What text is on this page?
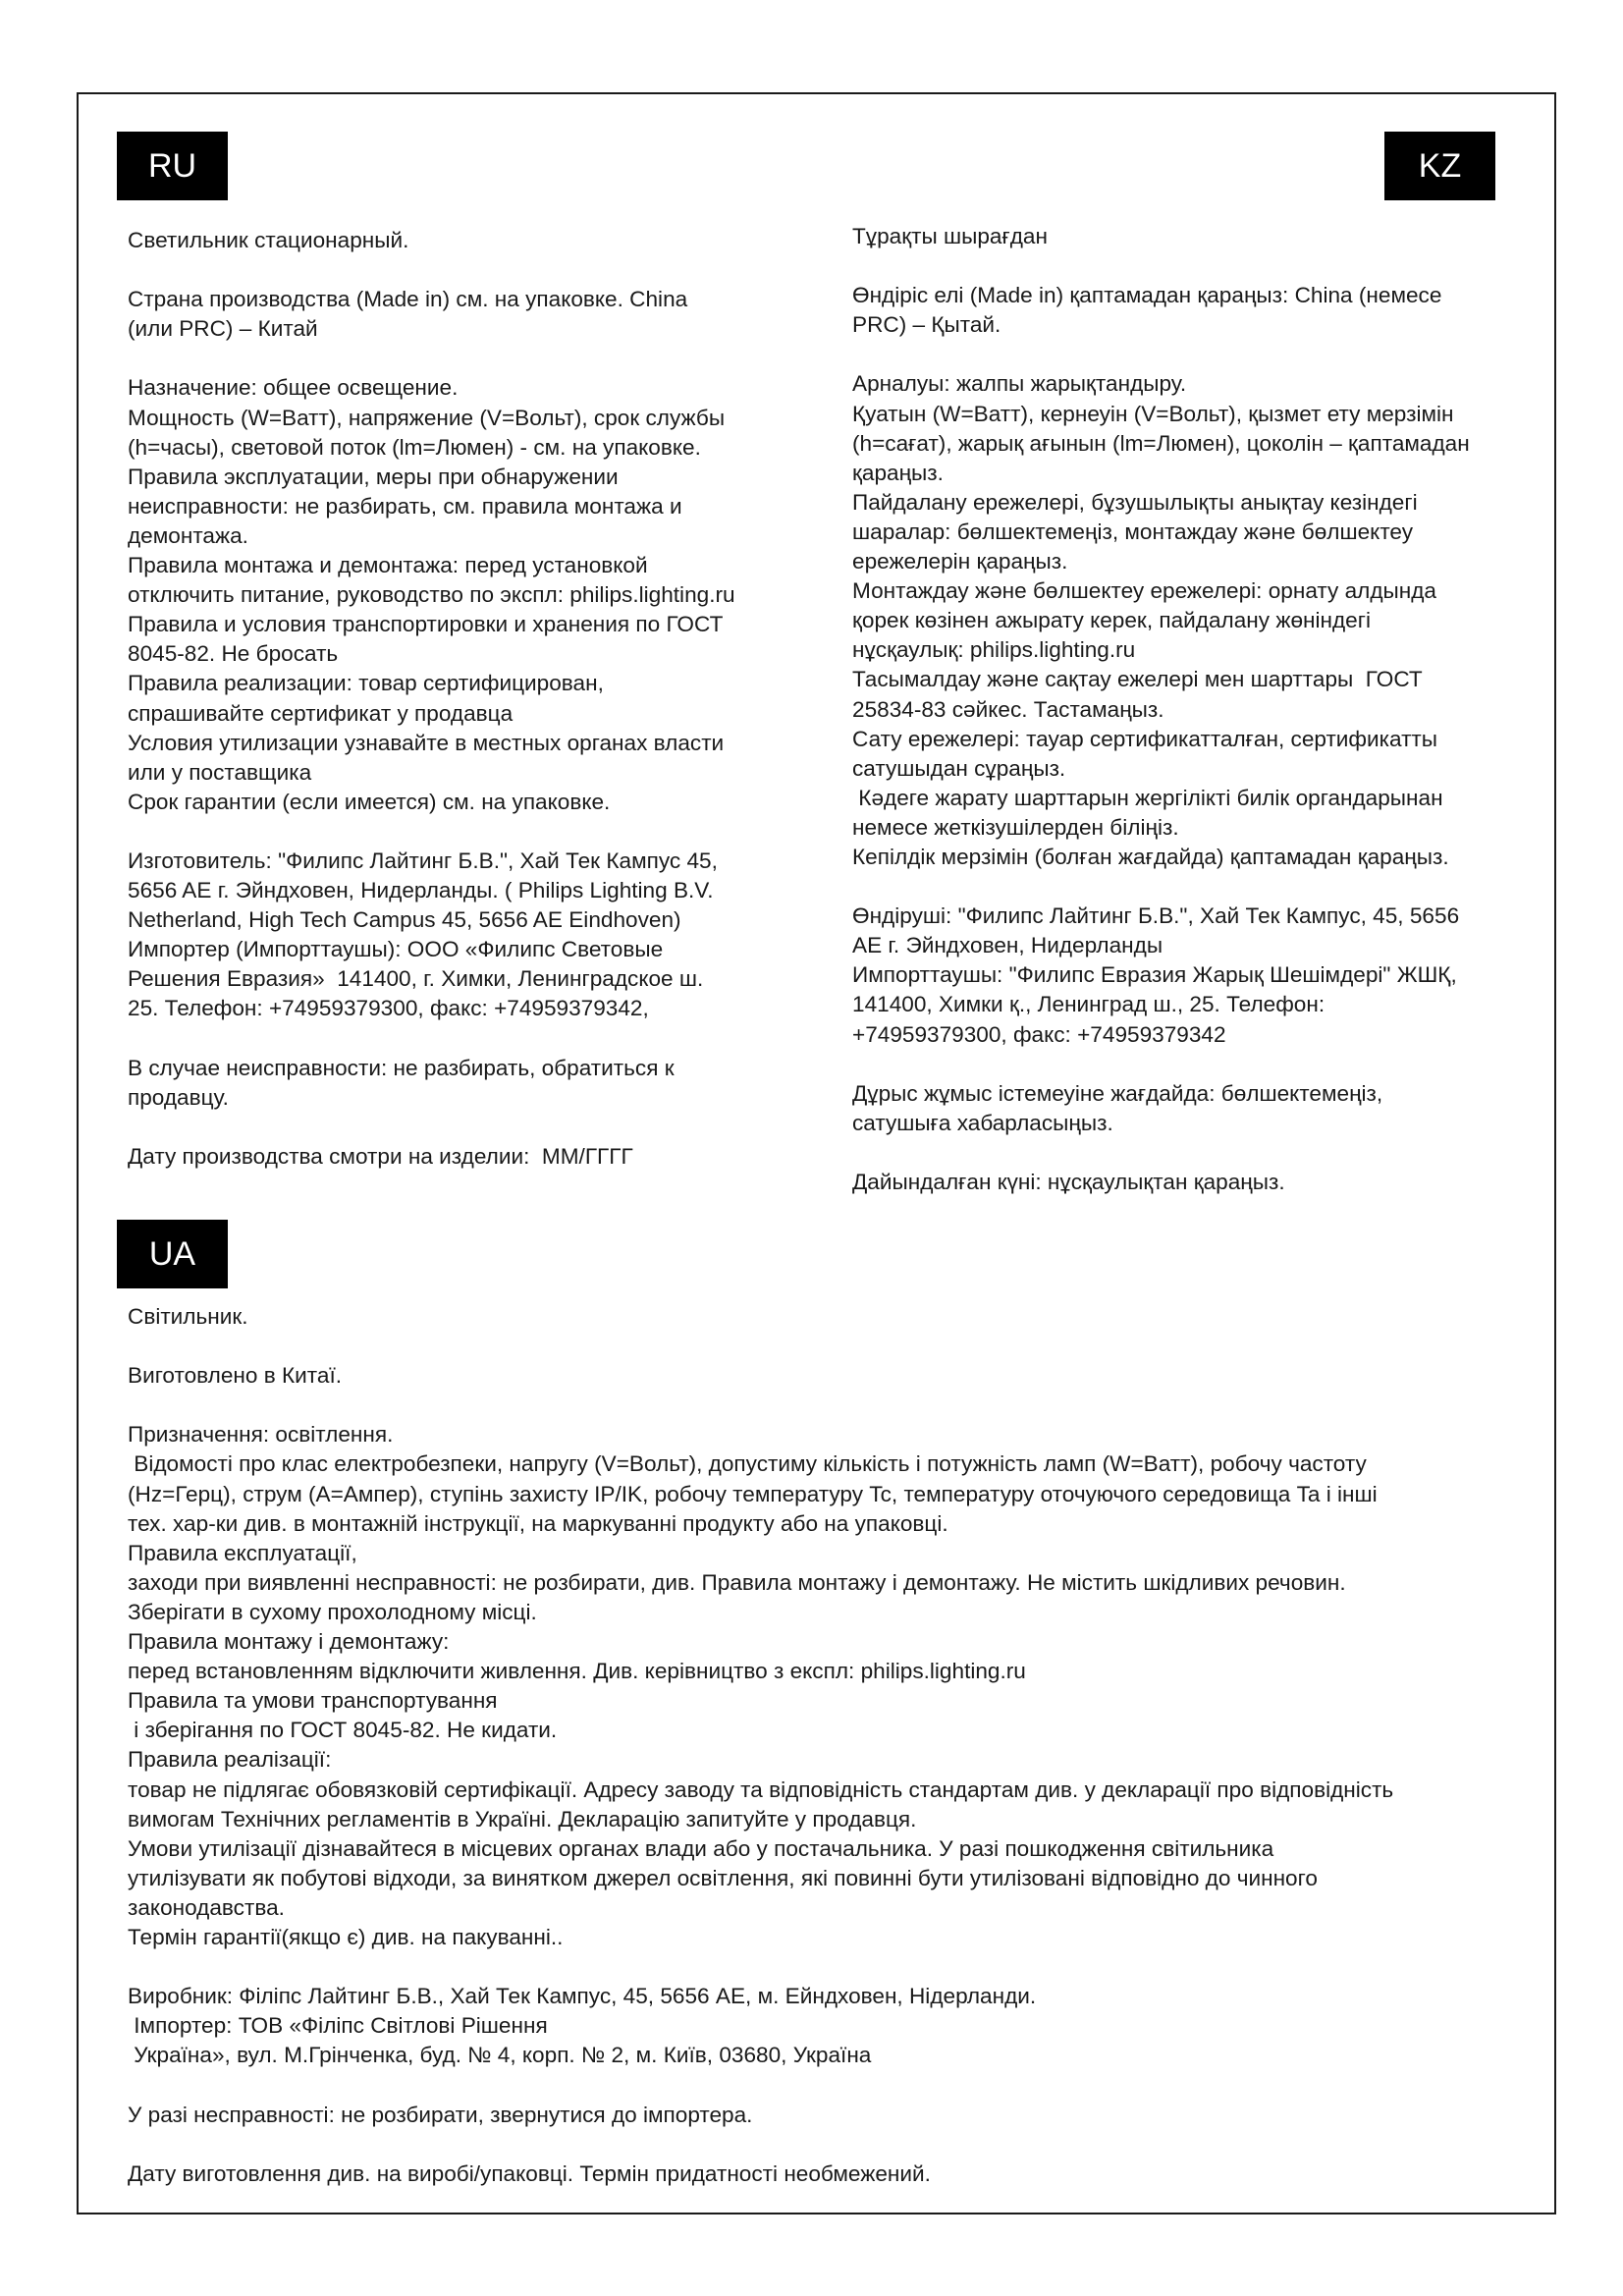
RU	KZ
UA

Светильник стационарный.

Страна производства (Made in) см. на упаковке. China

(или PRC) – Китай

Назначение: общее освещение.

Мощность (W=Ватт), напряжение (V=Вольт), срок службы

(h=часы), световой поток (lm=Люмен) - см. на упаковке.

Правила эксплуатации, меры при обнаружении

неисправности: не разбирать, см. правила монтажа и

демонтажа.

Правила монтажа и демонтажа: перед установкой

отключить питание, руководство по экспл: philips.lighting.ru

Правила и условия транспортировки и хранения по ГОСТ

8045-82. Не бросать

Правила реализации: товар сертифицирован,

спрашивайте сертификат у продавца

Условия утилизации узнавайте в местных органах власти

или у поставщика

Срок гарантии (если имеется) см. на упаковке.

Изготовитель: "Филипс Лайтинг Б.В.", Хай Тек Кампус 45,

5656 AE г. Эйндховен, Нидерланды. ( Philips Lighting B.V.

Netherland, High Tech Campus 45, 5656 AE Eindhoven)

Импортер (Импорттаушы): ООО «Филипс Световые

Решения Евразия»  141400, г. Химки, Ленинградское ш.

25. Телефон: +74959379300, факс: +74959379342,

В случае неисправности: не разбирать, обратиться к

продавцу.

Дату производства смотри на изделии:  ММ/ГГГГ

Тұрақты шырағдан

Өндіріс елі (Made in) қаптамадан қараңыз: China (немесе

PRC) – Қытай.

Арналуы: жалпы жарықтандыру.

Қуатын (W=Ватт), кернеуін (V=Вольт), қызмет ету мерзімін

(h=сағат), жарық ағынын (lm=Люмен), цоколін – қаптамадан

қараңыз.

Пайдалану ережелері, бұзушылықты анықтау кезіндегі

шаралар: бөлшектемеңіз, монтаждау және бөлшектеу

ережелерін қараңыз.

Монтаждау және бөлшектеу ережелері: орнату алдында

қорек көзінен ажырату керек, пайдалану жөніндегі

нұсқаулық: philips.lighting.ru

Тасымалдау және сақтау ежелері мен шарттары  ГОСТ

25834-83 сәйкес. Тастамаңыз.

Сату ережелері: тауар сертификатталған, сертификатты

сатушыдан сұраңыз.

Кәдеге жарату шарттарын жергілікті билік органдарынан

немесе жеткізушілерден біліңіз.

Кепілдік мерзімін (болған жағдайда) қаптамадан қараңыз.

Өндіруші: "Филипс Лайтинг Б.В.", Хай Тек Кампус, 45, 5656

АЕ г. Эйндховен, Нидерланды

Импорттаушы: "Филипс Евразия Жарық Шешімдері" ЖШҚ,

141400, Химки қ., Ленинград ш., 25. Телефон:

+74959379300, факс: +74959379342

Дұрыс жұмыс істемеуіне жағдайда: бөлшектемеңіз,

сатушыға хабарласыңыз.

Дайындалған күні: нұсқаулықтан қараңыз.

Світильник.

Виготовлено в Китаї.

Призначення: освітлення.

Відомості про клас електробезпеки, напругу (V=Вольт), допустиму кількість і потужність ламп (W=Ватт), робочу частоту

(Hz=Герц), струм (A=Ампер), ступінь захисту IP/IK, робочу температуру Tc, температуру оточуючого середовища Ta і інші

тех. хар-ки див. в монтажній інструкції, на маркуванні продукту або на упаковці.

Правила експлуатації,

заходи при виявленні несправності: не розбирати, див. Правила монтажу і демонтажу. Не містить шкідливих речовин.

Зберігати в сухому прохолодному місці.

Правила монтажу і демонтажу:

перед встановленням відключити живлення. Див. керівництво з експл: philips.lighting.ru

Правила та умови транспортування

і зберігання по ГОСТ 8045-82. Не кидати.

Правила реалізації:

товар не підлягає обовязковій сертифікації. Адресу заводу та відповідність стандартам див. у декларації про відповідність

вимогам Технічних регламентів в Україні. Декларацію запитуйте у продавця.

Умови утилізації дізнавайтеся в місцевих органах влади або у постачальника. У разі пошкодження світильника

утилізувати як побутові відходи, за винятком джерел освітлення, які повинні бути утилізовані відповідно до чинного

законодавства.

Термін гарантії(якщо є) див. на пакуванні..

Виробник: Філіпс Лайтинг Б.В., Хай Тек Кампус, 45, 5656 AE, м. Ейндховен, Нідерланди.

Імпортер: ТОВ «Філіпс Світлові Рішення

Україна», вул. М.Грінченка, буд. № 4, корп. № 2, м. Київ, 03680, Україна

У разі несправності: не розбирати, звернутися до імпортера.

Дату виготовлення див. на виробі/упаковці. Термін придатності необмежений.
